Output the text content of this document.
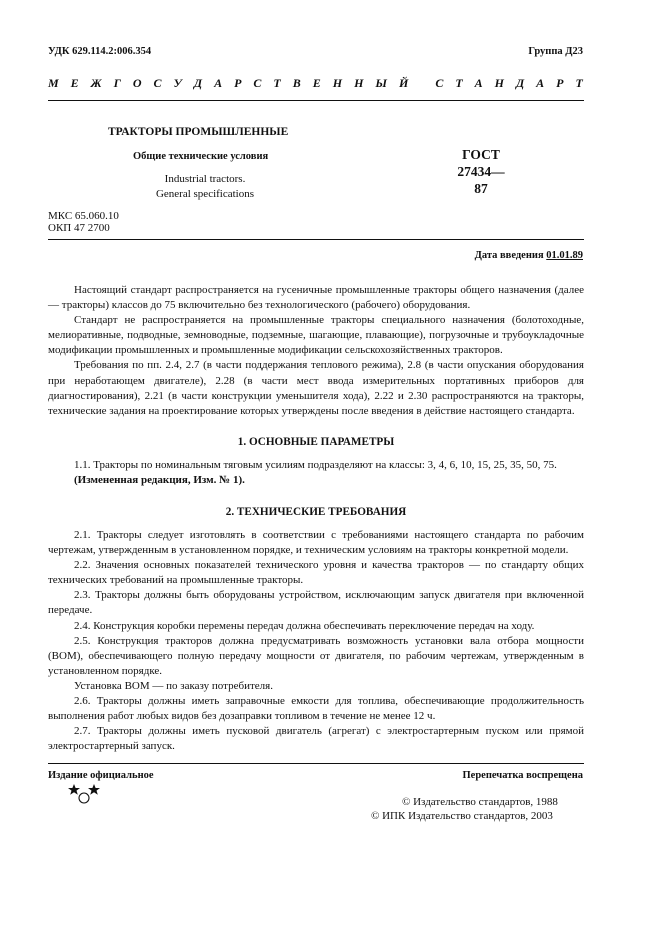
УДК 629.114.2:006.354	Группа Д23
М Е Ж Г О С У Д А Р С Т В Е Н Н Ы Й
С Т А Н Д А Р Т
ТРАКТОРЫ ПРОМЫШЛЕННЫЕ
Общие технические условия
Industrial tractors.
General specifications
ГОСТ
27434—87
МКС 65.060.10
ОКП 47 2700
Дата введения 01.01.89

Настоящий стандарт распространяется на гусеничные промышленные тракторы общего назначения (далее — тракторы) классов до 75 включительно без технологического (рабочего) оборудования.

Стандарт не распространяется на промышленные тракторы специального назначения (болотоходные, мелиоративные, подводные, земноводные, подземные, шагающие, плавающие), погрузочные и трубоукладочные модификации промышленных и промышленные модификации сельскохозяйственных тракторов.

Требования по пп. 2.4, 2.7 (в части поддержания теплового режима), 2.8 (в части опускания оборудования при неработающем двигателе), 2.28 (в части мест ввода измерительных портативных приборов для диагностирования), 2.21 (в части конструкции уменьшителя хода), 2.22 и 2.30 распространяются на тракторы, технические задания на проектирование которых утверждены после введения в действие настоящего стандарта.

1. ОСНОВНЫЕ ПАРАМЕТРЫ

1.1. Тракторы по номинальным тяговым усилиям подразделяют на классы: 3, 4, 6, 10, 15, 25, 35, 50, 75.

(Измененная редакция, Изм. № 1).

2. ТЕХНИЧЕСКИЕ ТРЕБОВАНИЯ

2.1. Тракторы следует изготовлять в соответствии с требованиями настоящего стандарта по рабочим чертежам, утвержденным в установленном порядке, и техническим условиям на тракторы конкретной модели.

2.2. Значения основных показателей технического уровня и качества тракторов — по стандарту общих технических требований на промышленные тракторы.

2.3. Тракторы должны быть оборудованы устройством, исключающим запуск двигателя при включенной передаче.

2.4. Конструкция коробки перемены передач должна обеспечивать переключение передач на ходу.

2.5. Конструкция тракторов должна предусматривать возможность установки вала отбора мощности (ВОМ), обеспечивающего полную передачу мощности от двигателя, по рабочим чертежам, утвержденным в установленном порядке.

Установка ВОМ — по заказу потребителя.

2.6. Тракторы должны иметь заправочные емкости для топлива, обеспечивающие продолжительность выполнения работ любых видов без дозаправки топливом в течение не менее 12 ч.

2.7. Тракторы должны иметь пусковой двигатель (агрегат) с электростартерным пуском или прямой электростартерный запуск.

Издание официальное	Перепечатка воспрещена
© Издательство стандартов, 1988
© ИПК Издательство стандартов, 2003
